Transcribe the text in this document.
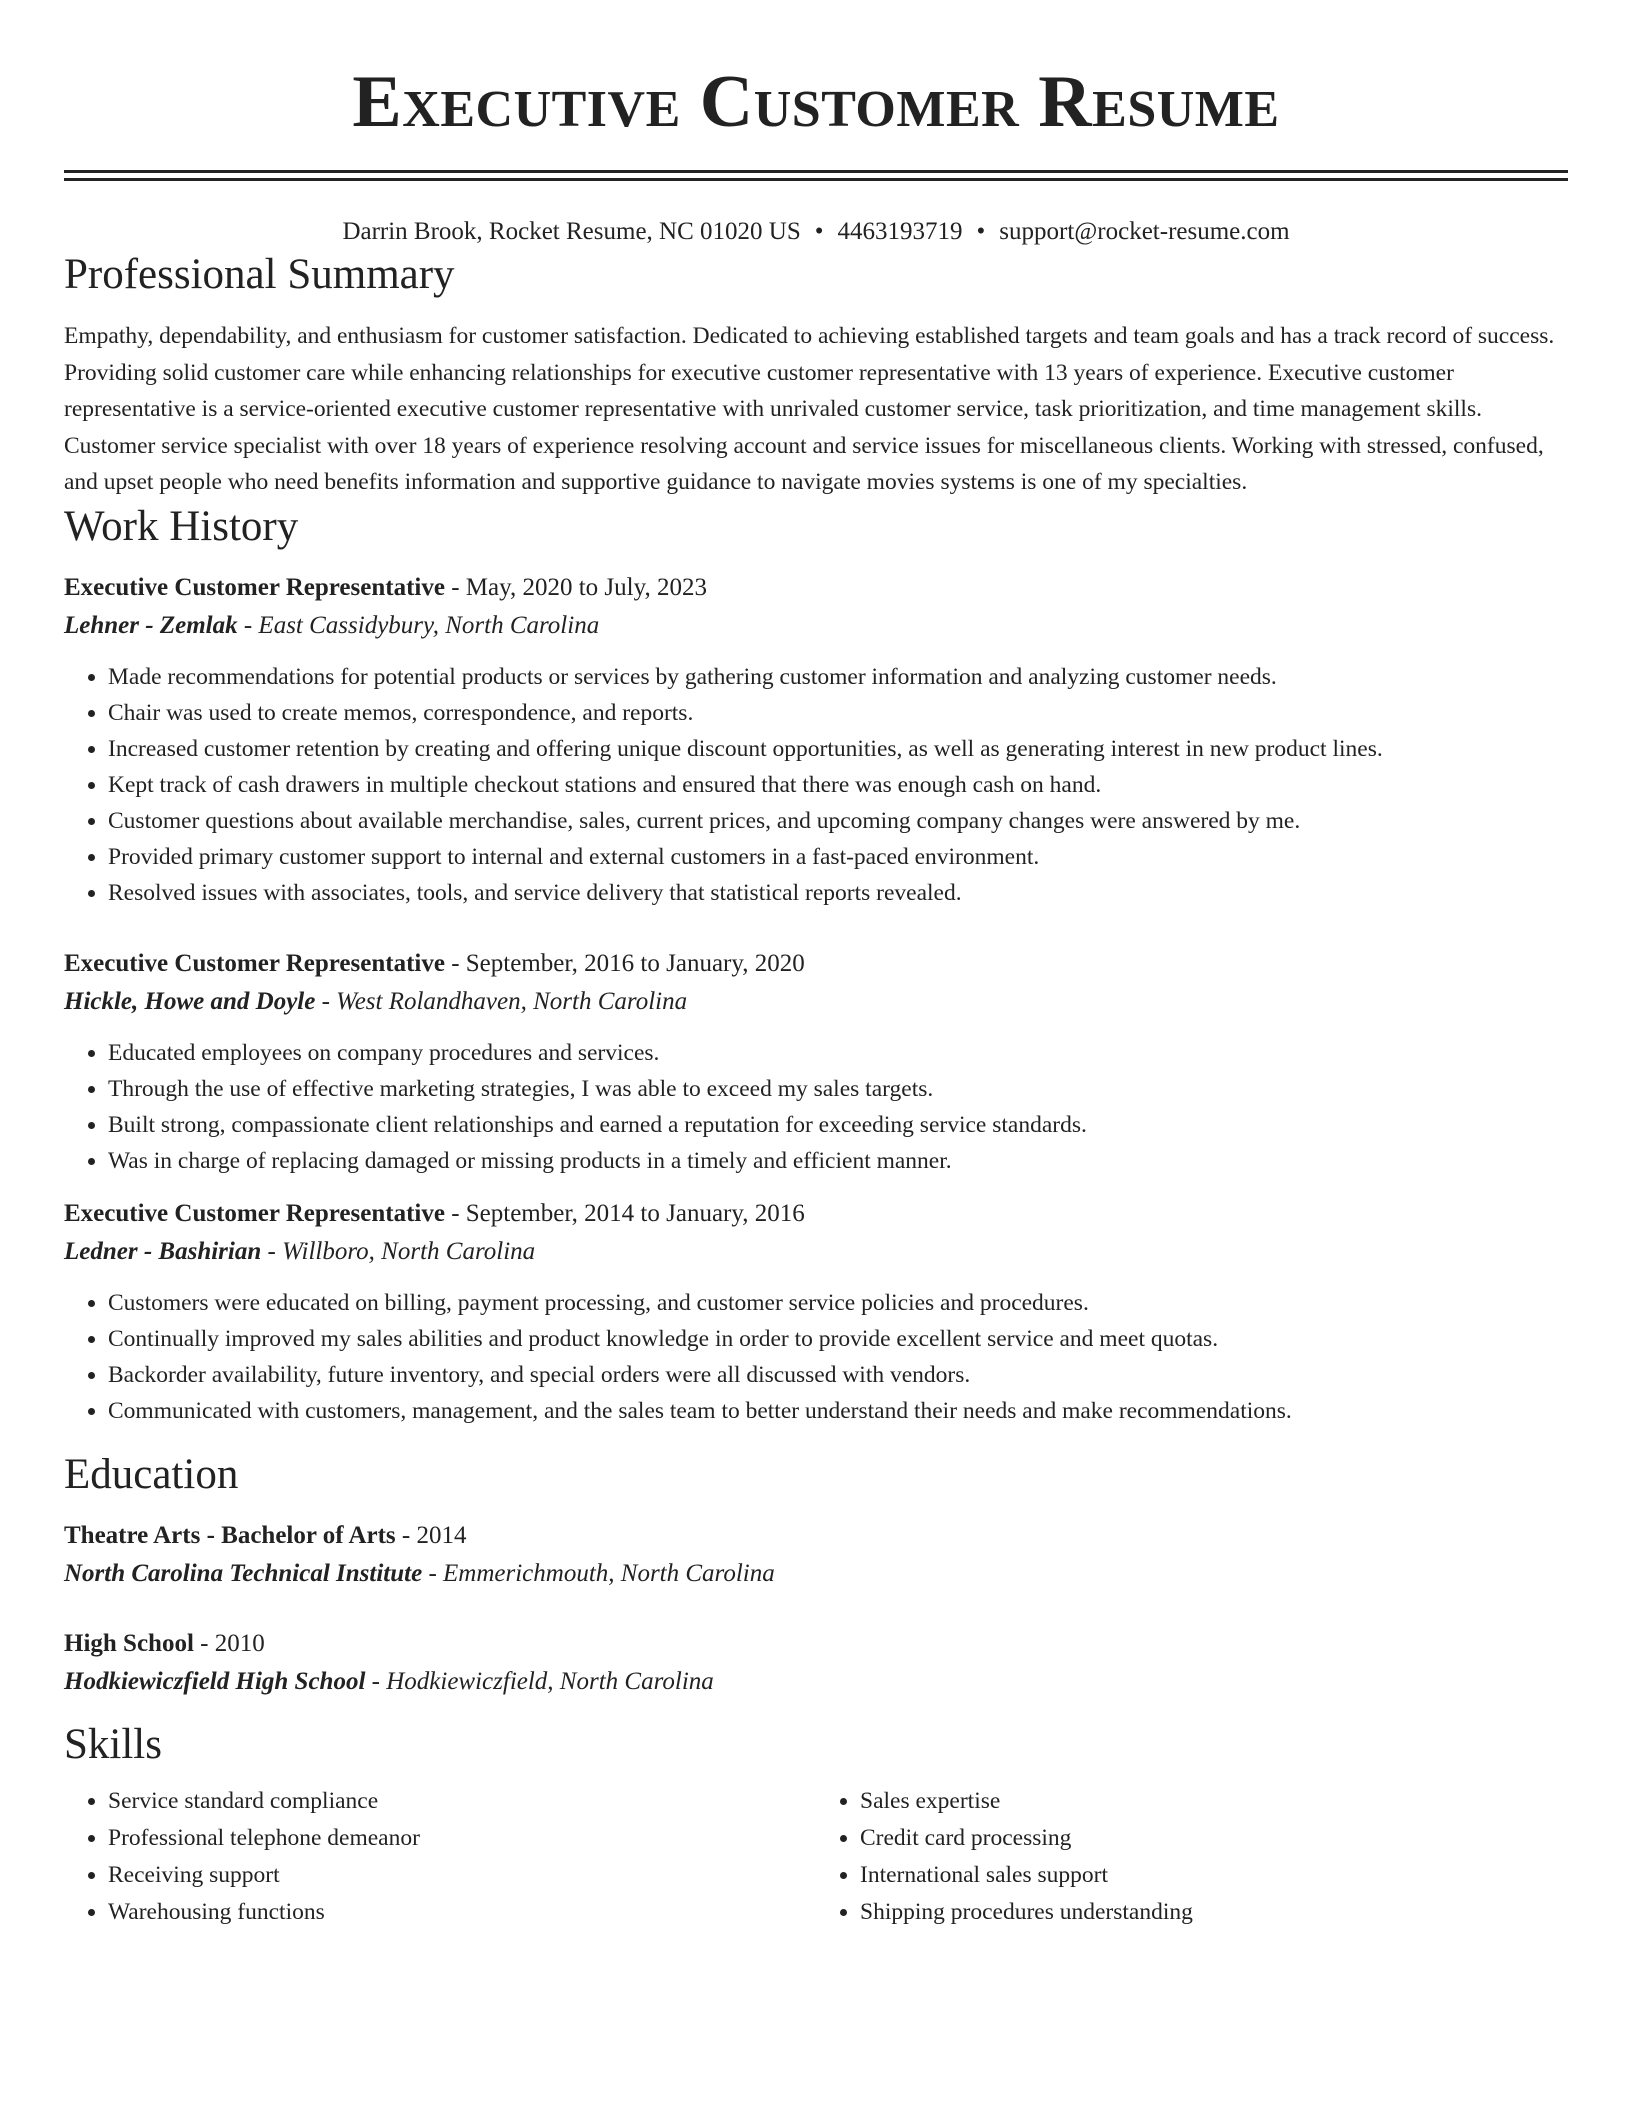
Executive Customer Resume
Darrin Brook, Rocket Resume, NC 01020 US • 4463193719 • support@rocket-resume.com
Professional Summary

Empathy, dependability, and enthusiasm for customer satisfaction. Dedicated to achieving established targets and team goals and has a track record of success. Providing solid customer care while enhancing relationships for executive customer representative with 13 years of experience. Executive customer representative is a service-oriented executive customer representative with unrivaled customer service, task prioritization, and time management skills. Customer service specialist with over 18 years of experience resolving account and service issues for miscellaneous clients. Working with stressed, confused, and upset people who need benefits information and supportive guidance to navigate movies systems is one of my specialties.

Work History
Executive Customer Representative - May, 2020 to July, 2023
Lehner - Zemlak - East Cassidybury, North Carolina
• Made recommendations for potential products or services by gathering customer information and analyzing customer needs.
• Chair was used to create memos, correspondence, and reports.
• Increased customer retention by creating and offering unique discount opportunities, as well as generating interest in new product lines.
• Kept track of cash drawers in multiple checkout stations and ensured that there was enough cash on hand.
• Customer questions about available merchandise, sales, current prices, and upcoming company changes were answered by me.
• Provided primary customer support to internal and external customers in a fast-paced environment.
• Resolved issues with associates, tools, and service delivery that statistical reports revealed.
Executive Customer Representative - September, 2016 to January, 2020
Hickle, Howe and Doyle - West Rolandhaven, North Carolina
• Educated employees on company procedures and services.
• Through the use of effective marketing strategies, I was able to exceed my sales targets.
• Built strong, compassionate client relationships and earned a reputation for exceeding service standards.
• Was in charge of replacing damaged or missing products in a timely and efficient manner.
Executive Customer Representative - September, 2014 to January, 2016
Ledner - Bashirian - Willboro, North Carolina
• Customers were educated on billing, payment processing, and customer service policies and procedures.
• Continually improved my sales abilities and product knowledge in order to provide excellent service and meet quotas.
• Backorder availability, future inventory, and special orders were all discussed with vendors.
• Communicated with customers, management, and the sales team to better understand their needs and make recommendations.
Education
Theatre Arts - Bachelor of Arts - 2014
North Carolina Technical Institute - Emmerichmouth, North Carolina
High School - 2010
Hodkiewiczfield High School - Hodkiewiczfield, North Carolina
Skills
• Service standard compliance
• Professional telephone demeanor
• Receiving support
• Warehousing functions
• Sales expertise
• Credit card processing
• International sales support
• Shipping procedures understanding
